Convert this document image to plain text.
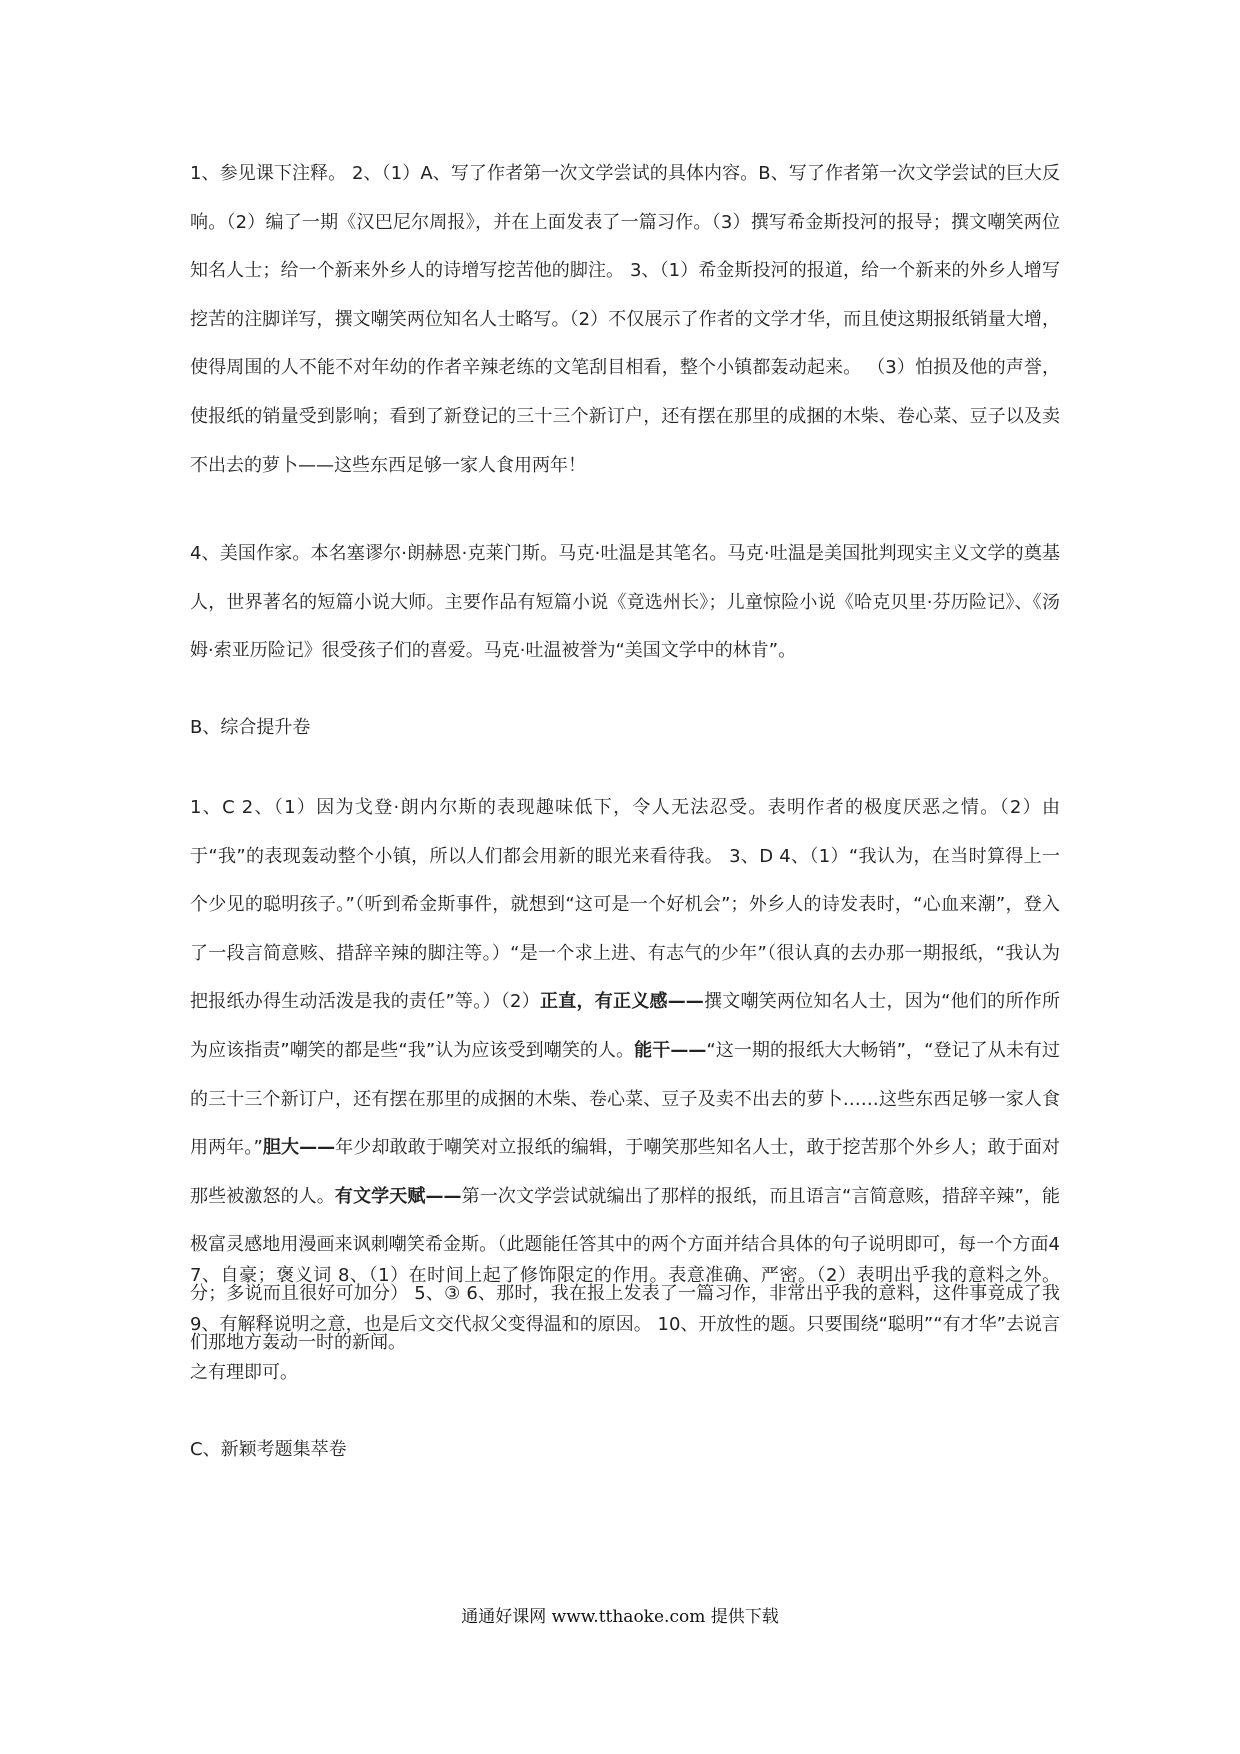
1、参见课下注释。 2、（1）A、写了作者第一次文学尝试的具体内容。B、写了作者第一次文学尝试的巨大反响。（2）编了一期《汉巴尼尔周报》，并在上面发表了一篇习作。（3）撰写希金斯投河的报导；撰文嘲笑两位知名人士；给一个新来外乡人的诗增写挖苦他的脚注。 3、（1）希金斯投河的报道，给一个新来的外乡人增写挖苦的注脚详写，撰文嘲笑两位知名人士略写。（2）不仅展示了作者的文学才华，而且使这期报纸销量大增，使得周围的人不能不对年幼的作者辛辣老练的文笔刮目相看，整个小镇都轰动起来。 （3）怕损及他的声誉，使报纸的销量受到影响；看到了新登记的三十三个新订户，还有摆在那里的成捆的木柴、卷心菜、豆子以及卖不出去的萝卜——这些东西足够一家人食用两年！

4、美国作家。本名塞谬尔·朗赫恩·克莱门斯。马克·吐温是其笔名。马克·吐温是美国批判现实主义文学的奠基人，世界著名的短篇小说大师。主要作品有短篇小说《竟选州长》；儿童惊险小说《哈克贝里·芬历险记》、《汤姆·索亚历险记》很受孩子们的喜爱。马克·吐温被誉为“美国文学中的林肯”。

B、综合提升卷

1、C 2、（1）因为戈登·朗内尔斯的表现趣味低下，令人无法忍受。表明作者的极度厌恶之情。（2）由于“我”的表现轰动整个小镇，所以人们都会用新的眼光来看待我。 3、D 4、（1）“我认为，在当时算得上一个少见的聪明孩子。”（听到希金斯事件，就想到“这可是一个好机会”；外乡人的诗发表时，“心血来潮”，登入了一段言简意赅、措辞辛辣的脚注等。）“是一个求上进、有志气的少年”（很认真的去办那一期报纸，“我认为把报纸办得生动活泼是我的责任”等。）（2）正直，有正义感——撰文嘲笑两位知名人士，因为“他们的所作所为应该指责”嘲笑的都是些“我”认为应该受到嘲笑的人。能干——“这一期的报纸大大畅销”，“登记了从未有过的三十三个新订户，还有摆在那里的成捆的木柴、卷心菜、豆子及卖不出去的萝卜……这些东西足够一家人食用两年。”胆大——年少却敢敢于嘲笑对立报纸的编辑，于嘲笑那些知名人士，敢于挖苦那个外乡人；敢于面对那些被激怒的人。有文学天赋——第一次文学尝试就编出了那样的报纸，而且语言“言简意赅，措辞辛辣”，能极富灵感地用漫画来讽刺嘲笑希金斯。（此题能任答其中的两个方面并结合具体的句子说明即可，每一个方面4分；多说而且很好可加分） 5、③ 6、那时，我在报上发表了一篇习作，非常出乎我的意料，这件事竟成了我们那地方轰动一时的新闻。

7、自豪；褒义词 8、（1）在时间上起了修饰限定的作用。表意准确、严密。（2）表明出乎我的意料之外。 9、有解释说明之意，也是后文交代叔父变得温和的原因。 10、开放性的题。只要围绕“聪明”“有才华”去说言之有理即可。

C、新颖考题集萃卷

通通好课网 www.tthaoke.com 提供下载
